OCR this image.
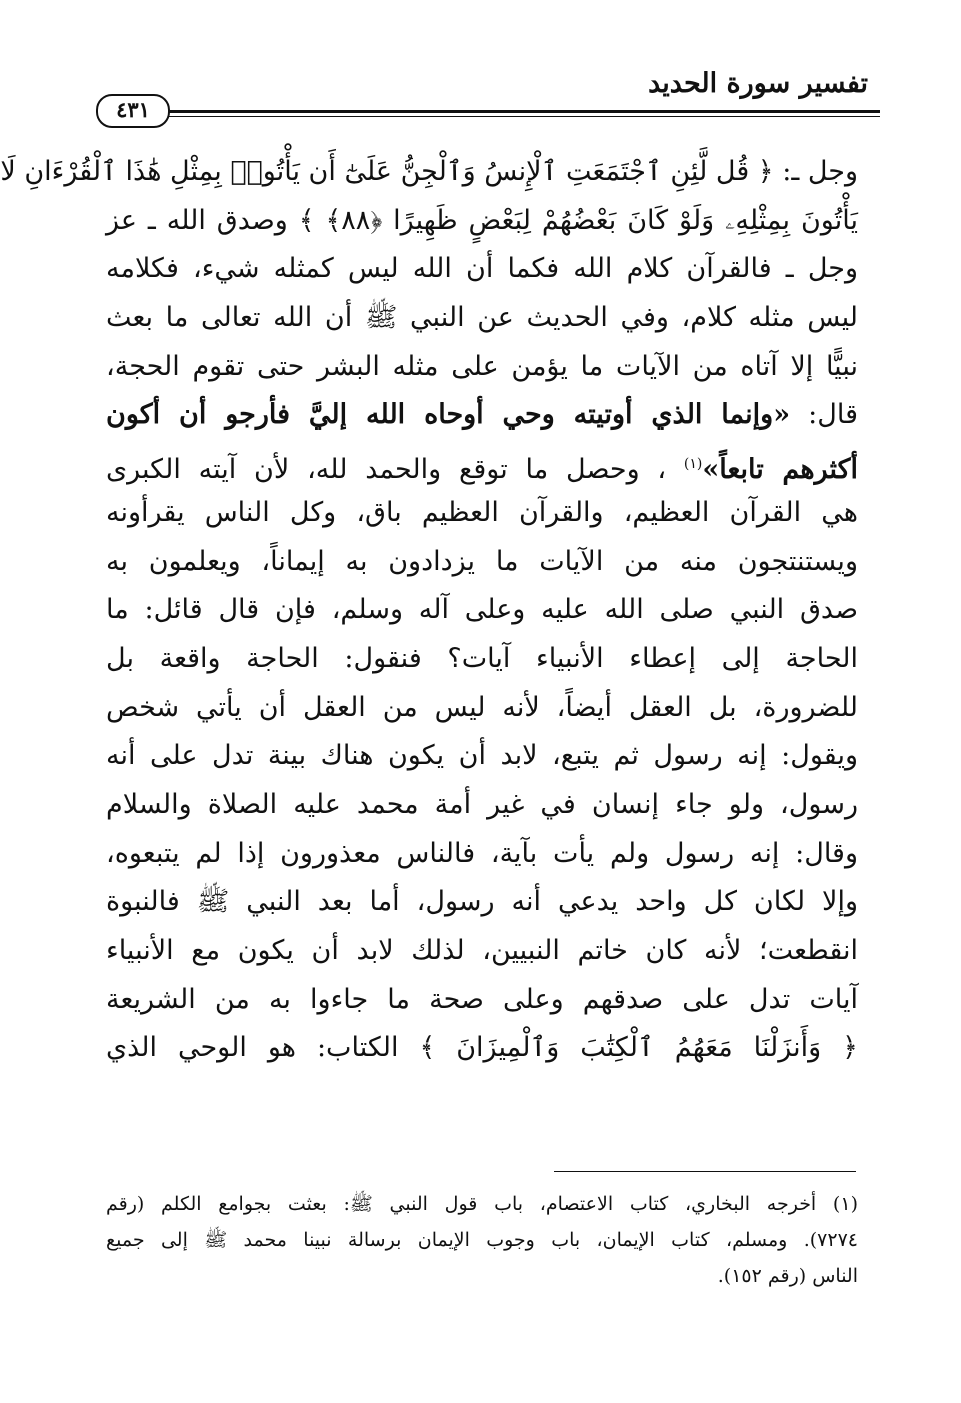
تفسير سورة الحديد
٤٣١
وجل ـ: ﴿ قُل لَّئِنِ ٱجْتَمَعَتِ ٱلْإِنسُ وَٱلْجِنُّ عَلَىٰٓ أَن يَأْتُوا۟ بِمِثْلِ هَٰذَا ٱلْقُرْءَانِ لَا
يَأْتُونَ بِمِثْلِهِۦ وَلَوْ كَانَ بَعْضُهُمْ لِبَعْضٍ ظَهِيرًا ﴿٨٨﴾ ﴾ وصدق الله ـ عز
وجل ـ فالقرآن كلام الله فكما أن الله ليس كمثله شيء، فكلامه
ليس مثله كلام، وفي الحديث عن النبي ﷺ أن الله تعالى ما بعث
نبيًّا إلا آتاه من الآيات ما يؤمن على مثله البشر حتى تقوم الحجة،
قال: «وإنما الذي أوتيته وحي أوحاه الله إليَّ فأرجو أن أكون
أكثرهم تابعاً»$^{(١)}$ ، وحصل ما توقع والحمد لله، لأن آيته الكبرى
هي القرآن العظيم، والقرآن العظيم باق، وكل الناس يقرأونه
ويستنتجون منه من الآيات ما يزدادون به إيماناً، ويعلمون به
صدق النبي صلى الله عليه وعلى آله وسلم، فإن قال قائل: ما
الحاجة إلى إعطاء الأنبياء آيات؟ فنقول: الحاجة واقعة بل
للضرورة، بل العقل أيضاً، لأنه ليس من العقل أن يأتي شخص
ويقول: إنه رسول ثم يتبع، لابد أن يكون هناك بينة تدل على أنه
رسول، ولو جاء إنسان في غير أمة محمد عليه الصلاة والسلام
وقال: إنه رسول ولم يأت بآية، فالناس معذورون إذا لم يتبعوه،
وإلا لكان كل واحد يدعي أنه رسول، أما بعد النبي ﷺ فالنبوة
انقطعت؛ لأنه كان خاتم النبيين، لذلك لابد أن يكون مع الأنبياء
آيات تدل على صدقهم وعلى صحة ما جاءوا به من الشريعة
﴿ وَأَنزَلْنَا مَعَهُمُ ٱلْكِتَٰبَ وَٱلْمِيزَانَ ﴾ الكتاب: هو الوحي الذي
(١) أخرجه البخاري، كتاب الاعتصام، باب قول النبي ﷺ: بعثت بجوامع الكلم (رقم
٧٢٧٤). ومسلم، كتاب الإيمان، باب وجوب الإيمان برسالة نبينا محمد ﷺ إلى جميع
الناس (رقم ١٥٢).
